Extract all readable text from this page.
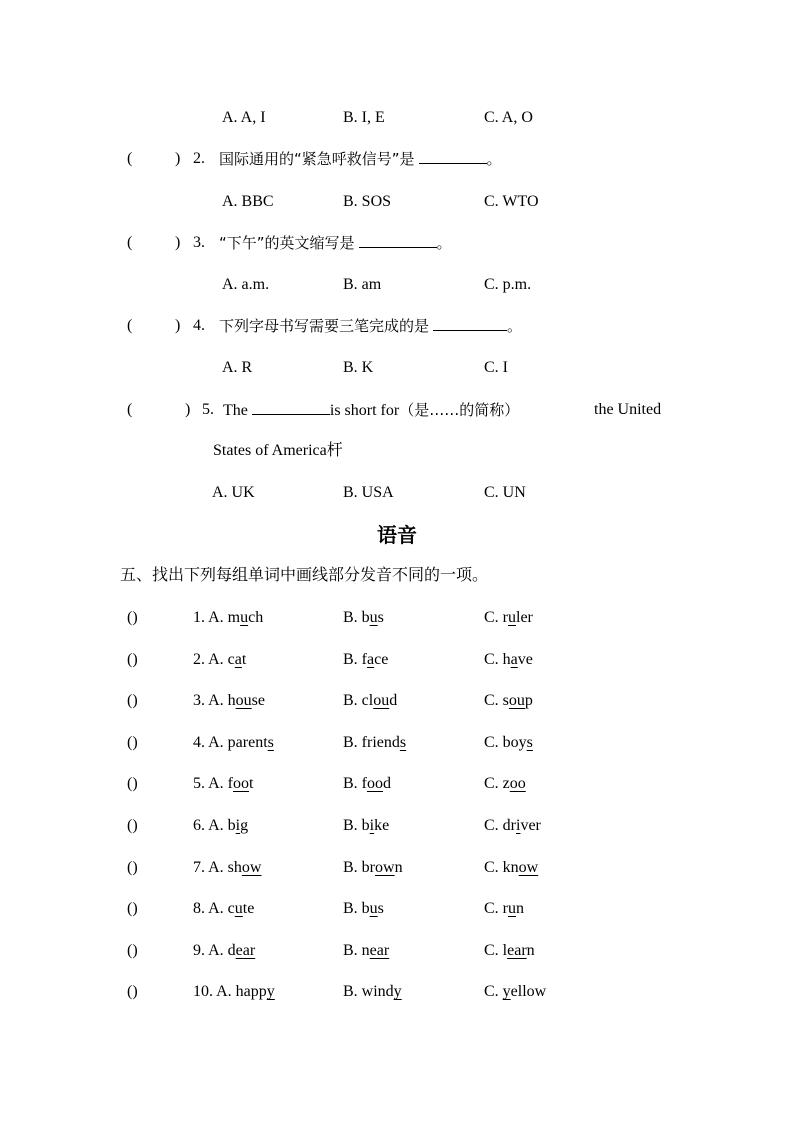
A. A, I	B. I, E	C. A, O
(	) 2. 国际通用的“紧急呼救信号”是	。
A. BBC	B. SOS	C. WTO
(	) 3. “下午”的英文缩写是	。
A. a.m.	B. am	C. p.m.
(	) 4. 下列字母书写需要三笔完成的是	。
A. R	B. K	C. I
(	) 5. The	is short for（是……的简称）	the United
States of America杆
A. UK	B. USA	C. UN
语音
五、找出下列每组单词中画线部分发音不同的一项。
()	1. A. much	B. bus	C. ruler
()	2. A. cat	B. face	C. have
()	3. A. house	B. cloud	C. soup
()	4. A. parents	B. friends	C. boys
()	5. A. foot	B. food	C. zoo
()	6. A. big	B. bike	C. driver
()	7. A. show	B. brown	C. know
()	8. A. cute	B. bus	C. run
()	9. A. dear	B. near	C. learn
()	10. A. happy	B. windy	C. yellow
